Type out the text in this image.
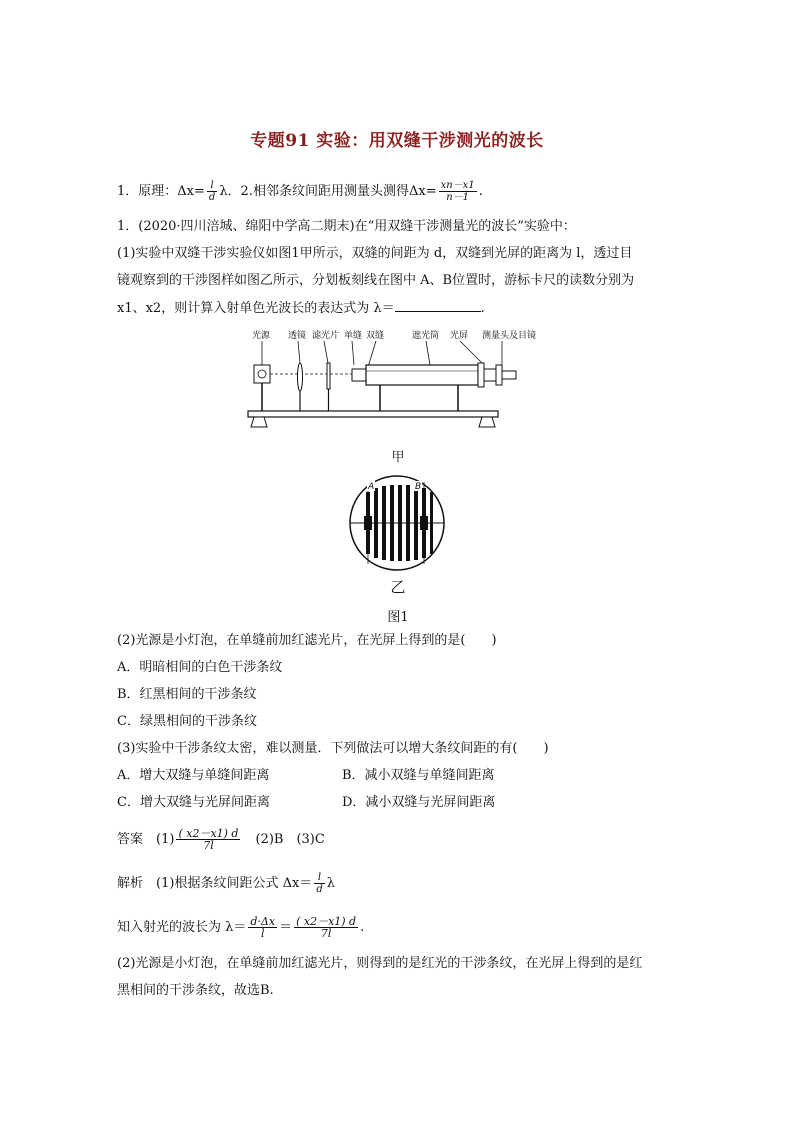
专题91 实验：用双缝干涉测光的波长
1．原理：$\Delta x= \frac{l}{d}$ λ．2.相邻条纹间距用测量头测得$\Delta x= \frac{xn-x1}{n-1}$ .
1．(2020·四川涪城、绵阳中学高二期末)在“用双缝干涉测量光的波长”实验中：
(1)实验中双缝干涉实验仪如图1甲所示，双缝的间距为 d，双缝到光屏的距离为 l，透过目
镜观察到的干涉图样如图乙所示，分划板刻线在图中 A、B位置时，游标卡尺的读数分别为
x1、x2，则计算入射单色光波长的表达式为 λ＝	.
光源 透镜 滤光片 单缝 双缝	遮光筒 光屏 测量头及目镜
甲
A	B
乙
图1
(2)光源是小灯泡，在单缝前加红滤光片，在光屏上得到的是(　　)
A．明暗相间的白色干涉条纹
B．红黑相间的干涉条纹
C．绿黑相间的干涉条纹
(3)实验中干涉条纹太密，难以测量．下列做法可以增大条纹间距的有(　　)
A．增大双缝与单缝间距离	B．减小双缝与单缝间距离
C．增大双缝与光屏间距离	D．减小双缝与光屏间距离
答案　 $(1) \frac{( x2-x1) d}{7l}$
　 (2)B　(3)C
解析　 (1)根据条纹间距公式 $\Delta x= \frac{l}{d}$ λ
知入射光的波长为 $\lambda= \frac{d\cdot\Delta x}{l} = \frac{( x2-x1) d}{7l}$ .
(2)光源是小灯泡，在单缝前加红滤光片，则得到的是红光的干涉条纹，在光屏上得到的是红
黑相间的干涉条纹，故选B.
